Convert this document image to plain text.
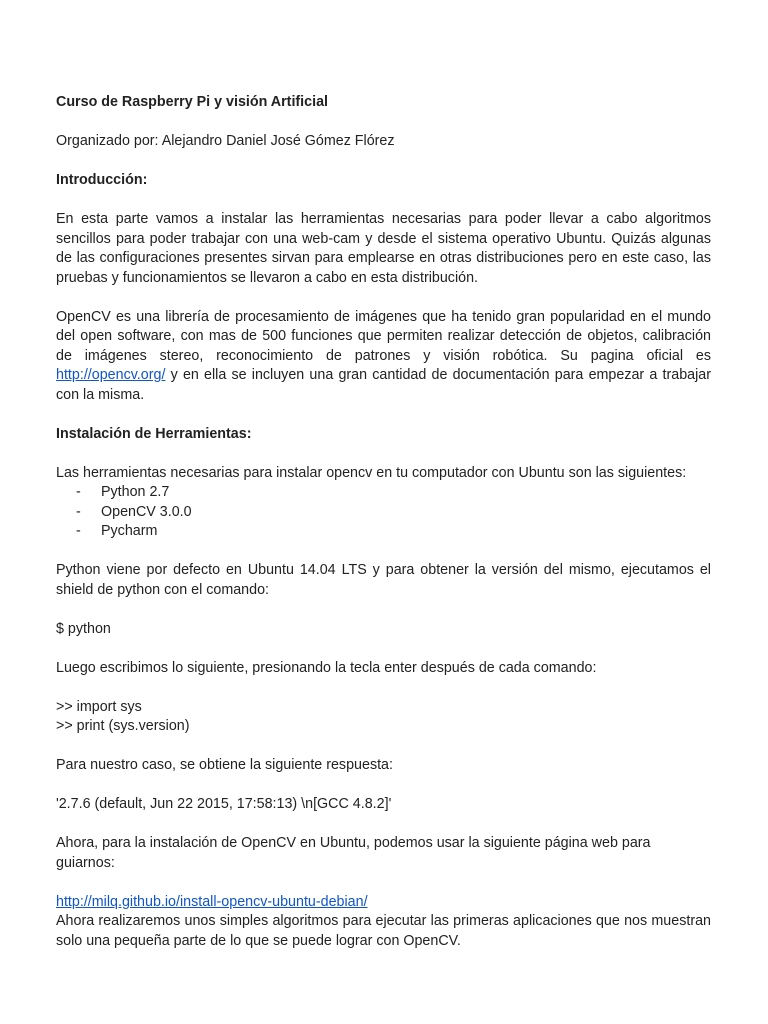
Curso de Raspberry Pi y visión Artificial

Organizado por: Alejandro Daniel José Gómez Flórez

Introducción:

En esta parte vamos a instalar las herramientas necesarias para poder llevar a cabo algoritmos sencillos para poder trabajar con una web-cam y desde el sistema operativo Ubuntu. Quizás algunas de las configuraciones presentes sirvan para emplearse en otras distribuciones pero en este caso, las pruebas y funcionamientos se llevaron a cabo en esta distribución.

OpenCV es una librería de procesamiento de imágenes que ha tenido gran popularidad en el mundo del open software, con mas de 500 funciones que permiten realizar detección de objetos, calibración de imágenes stereo, reconocimiento de patrones y visión robótica. Su pagina oficial es http://opencv.org/ y en ella se incluyen una gran cantidad de documentación para empezar a trabajar con la misma.

Instalación de Herramientas:

Las herramientas necesarias para instalar opencv en tu computador con Ubuntu son las siguientes:

-	Python 2.7
-	OpenCV 3.0.0
-	Pycharm

Python viene por defecto en Ubuntu 14.04 LTS y para obtener la versión del mismo, ejecutamos el shield de python con el comando:

$ python

Luego escribimos lo siguiente, presionando la tecla enter después de cada comando:

>> import sys

>> print (sys.version)

Para nuestro caso, se obtiene la siguiente respuesta:

'2.7.6 (default, Jun 22 2015, 17:58:13) \n[GCC 4.8.2]'

Ahora, para la instalación de OpenCV en Ubuntu, podemos usar la siguiente página web para guiarnos:

http://milq.github.io/install-opencv-ubuntu-debian/

Ahora realizaremos unos simples algoritmos para ejecutar las primeras aplicaciones que nos muestran solo una pequeña parte de lo que se puede lograr con OpenCV.
